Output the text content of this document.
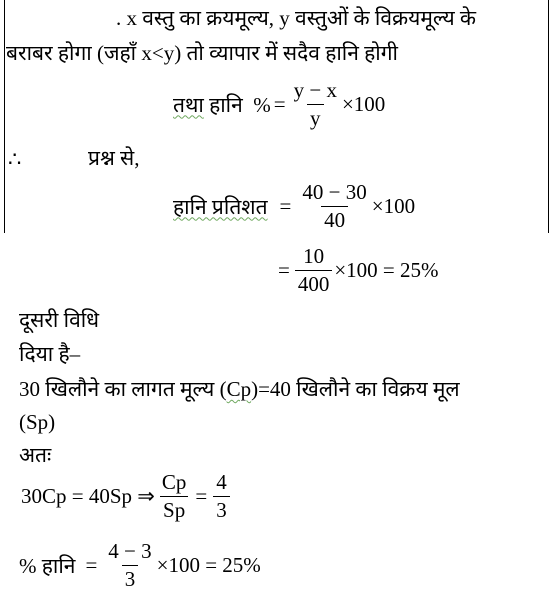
. x वस्तु का क्रयमूल्य, y वस्तुओं के विक्रयमूल्य के
बराबर होगा (जहाँ x<y) तो व्यापार में सदैव हानि होगी
तथा हानि  % = $\frac{y - x}{y} \times 100$
∴	प्रश्न से,
हानि प्रतिशत = $\frac{40 - 30}{40} \times 100$
= $\frac{10}{400} \times 100 = 25\%$
दूसरी विधि
दिया है–
30 खिलौने का लागत मूल्य (Cp)=40 खिलौने का विक्रय मूल
(Sp)
अतः
30Cp = 40Sp ⇒ $\frac{Cp}{Sp} = \frac{4}{3}$
% हानि = $\frac{4 - 3}{3} \times 100 = 25\%$
